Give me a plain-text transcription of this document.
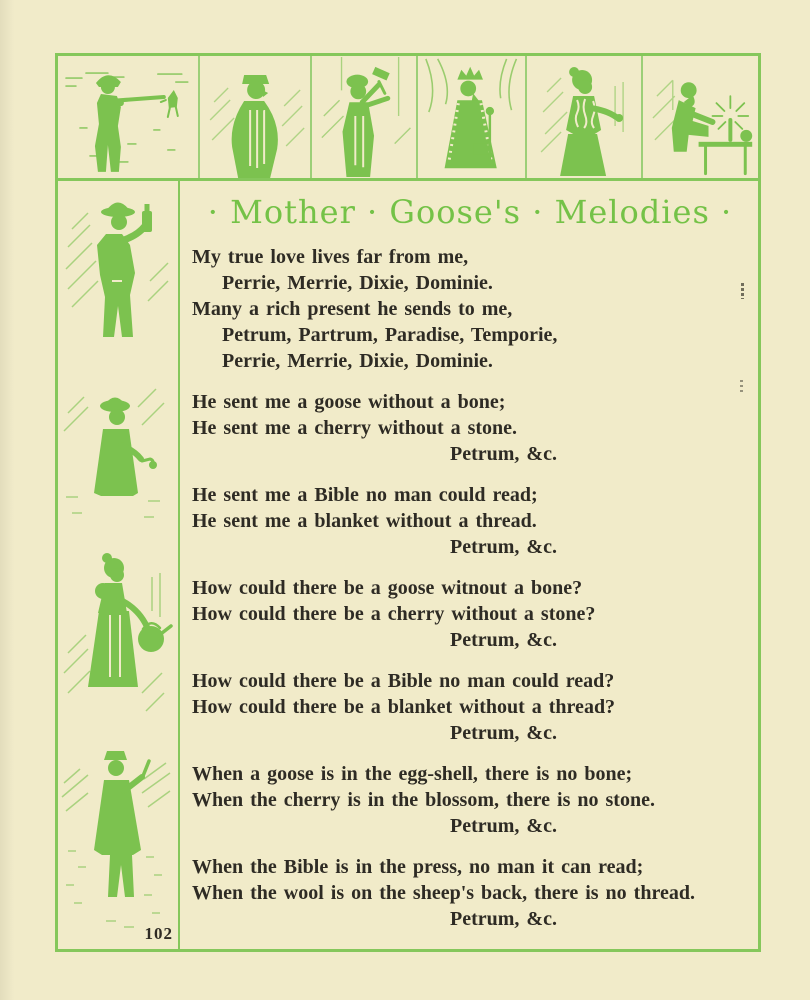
102
· Mother · Goose's · Melodies ·

My true love lives far from me,

Perrie, Merrie, Dixie, Dominie.

Many a rich present he sends to me,

Petrum, Partrum, Paradise, Temporie,

Perrie, Merrie, Dixie, Dominie.

He sent me a goose without a bone;

He sent me a cherry without a stone.

Petrum, &c.

He sent me a Bible no man could read;

He sent me a blanket without a thread.

Petrum, &c.

How could there be a goose witnout a bone?

How could there be a cherry without a stone?

Petrum, &c.

How could there be a Bible no man could read?

How could there be a blanket without a thread?

Petrum, &c.

When a goose is in the egg-shell, there is no bone;

When the cherry is in the blossom, there is no stone.

Petrum, &c.

When the Bible is in the press, no man it can read;

When the wool is on the sheep's back, there is no thread.

Petrum, &c.
